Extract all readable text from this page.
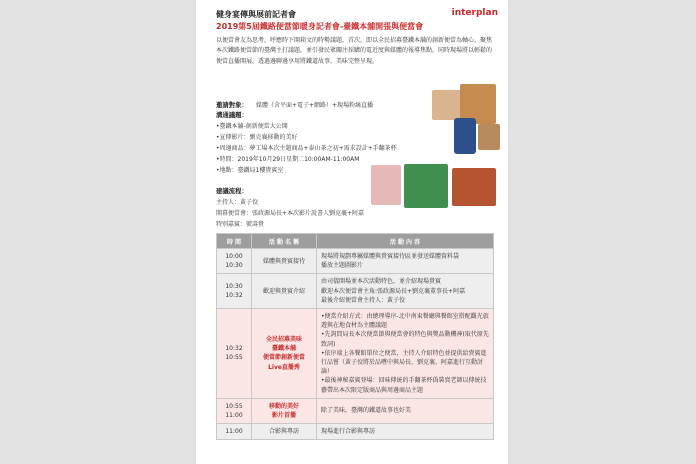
interplan
健身宴傳與展前記者會
2019第5屆鐵路便當節暖身記者會-臺鐵本舖開張與便當會
以便當會友為思考，呼應時下開箱文的時勢議題，首次，即以全民招募臺鐵本舖的創新便當為軸心，聚焦本次鐵路便當節的臺灣主打議題，並引發民眾關注採購的電近度與媒體的報導焦點，同時現場將以輕鬆的便當直播開展，透過邊聊邊享用將鐵道故事，美味完整呈現。
邀請對象： 媒體（含平面+電子+網路）+現場粉絲直播
溝通議題：
•臺鐵本舖-創新便當大公開
•宣傳影片：劉克襄移動的美好
•周邊商品：夢工場本次主題商品+泰山茶之初+需求設計+手翻茶杯
•時間：2019年10月29日星期二10:00AM-11:00AM
•地點：臺鐵局1樓貴賓室
建議流程：
主持人：黃子佼
開幕便當會：張政源局長+本次影片說書人劉克襄+阿嘉
特別嘉賓：號壽貴
時 間	活 動 名 稱	活 動 內 容

10:00
10:30	媒體與貴賓接待	現場將規劃專屬媒體與貴賓接待區並發送媒體資料袋
播放主題圖影片

10:30
10:32	歡迎與貴賓介紹	由司儀開場並本次活動特色，並介紹現場貴賓
歡迎本次便當會主角:張政源局長+劉克襄董事長+阿嘉
最後介紹便當會主持人：黃子佼

10:32
10:55	全民招募美味
臺鐵本舖
便當節創新便當
Live直播秀	•便當介紹方式：由總理導序-北中南東餐廳與餐館室搭配觀光旅遊與在地食材為主體議題
•先詢問局長本次便當節與便當會的特色與獎品動機神(取代原先致詞)
•依序端上各餐館單位之便當，主持人介紹特色並提供給貴賓進行品嘗（黃子佼將於品嚐中與局長、劉克襄、阿嘉進行互動討論）
•最後神秘嘉賓登場：回味傳統的手翻茶杯偽裝賣老師以傳統技藝帶出本次限定版商品與周邊商品主題

10:55
11:00	移動的美好
影片首播	除了美味，臺灣的鐵道故事也好美

11:00	合影與專訪	現場進行合影與專訪
